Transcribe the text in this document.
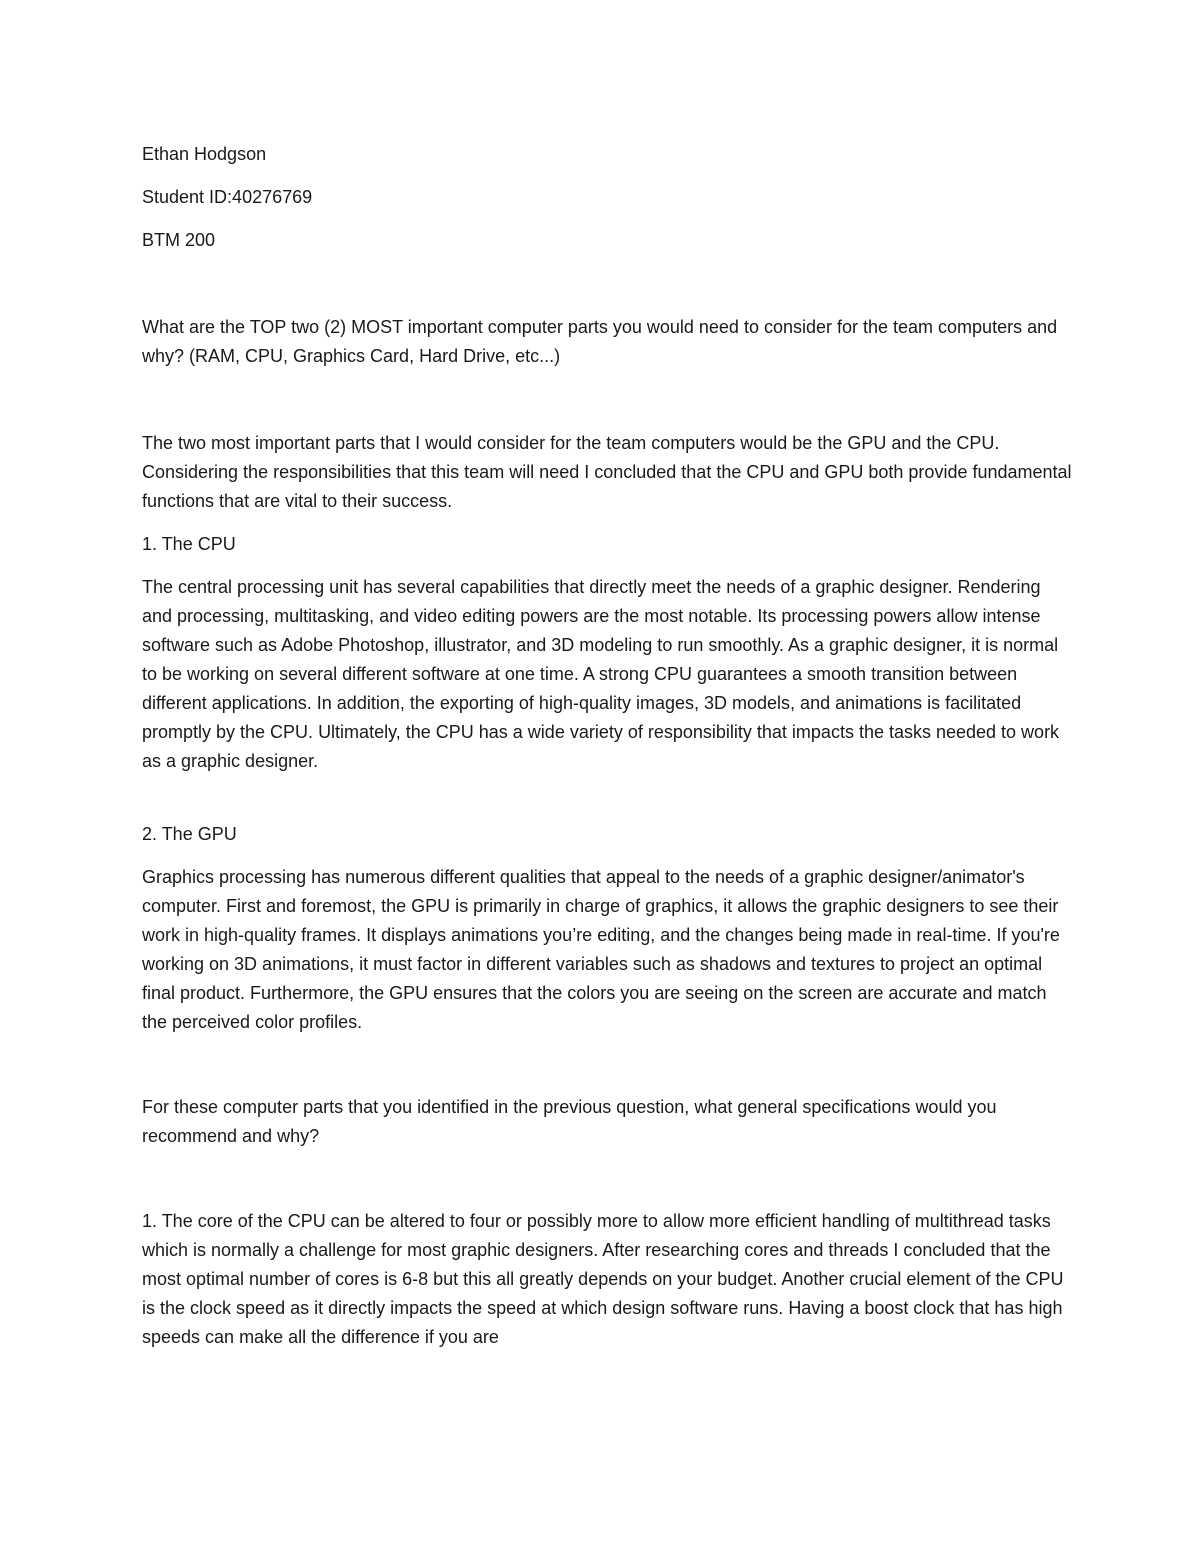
Ethan Hodgson

Student ID:40276769

BTM 200

What are the TOP two (2) MOST important computer parts you would need to consider for the team computers and why? (RAM, CPU, Graphics Card, Hard Drive, etc...)

The two most important parts that I would consider for the team computers would be the GPU and the CPU. Considering the responsibilities that this team will need I concluded that the CPU and GPU both provide fundamental functions that are vital to their success.

1. The CPU

The central processing unit has several capabilities that directly meet the needs of a graphic designer. Rendering and processing, multitasking, and video editing powers are the most notable. Its processing powers allow intense software such as Adobe Photoshop, illustrator, and 3D modeling to run smoothly. As a graphic designer, it is normal to be working on several different software at one time. A strong CPU guarantees a smooth transition between different applications. In addition, the exporting of high-quality images, 3D models, and animations is facilitated promptly by the CPU. Ultimately, the CPU has a wide variety of responsibility that impacts the tasks needed to work as a graphic designer.

2. The GPU

Graphics processing has numerous different qualities that appeal to the needs of a graphic designer/animator's computer. First and foremost, the GPU is primarily in charge of graphics, it allows the graphic designers to see their work in high-quality frames. It displays animations you’re editing, and the changes being made in real-time. If you're working on 3D animations, it must factor in different variables such as shadows and textures to project an optimal final product. Furthermore, the GPU ensures that the colors you are seeing on the screen are accurate and match the perceived color profiles.

For these computer parts that you identified in the previous question, what general specifications would you recommend and why?

1. The core of the CPU can be altered to four or possibly more to allow more efficient handling of multithread tasks which is normally a challenge for most graphic designers. After researching cores and threads I concluded that the most optimal number of cores is 6-8 but this all greatly depends on your budget. Another crucial element of the CPU is the clock speed as it directly impacts the speed at which design software runs. Having a boost clock that has high speeds can make all the difference if you are
